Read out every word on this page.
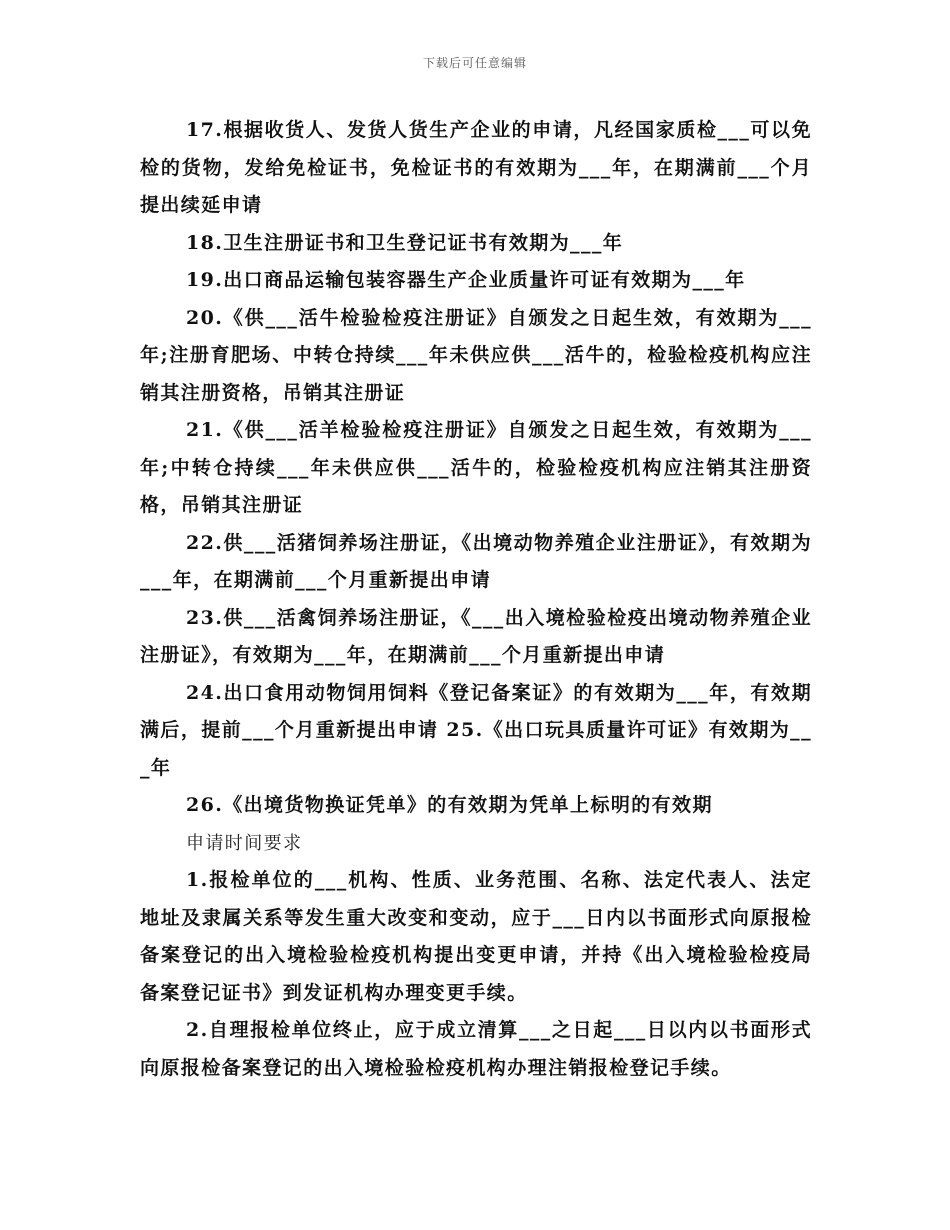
下载后可任意编辑

17.根据收货人、发货人货生产企业的申请，凡经国家质检___可以免检的货物，发给免检证书，免检证书的有效期为___年，在期满前___个月提出续延申请

18.卫生注册证书和卫生登记证书有效期为___年

19.出口商品运输包装容器生产企业质量许可证有效期为___年

20.《供___活牛检验检疫注册证》自颁发之日起生效，有效期为___年;注册育肥场、中转仓持续___年未供应供___活牛的，检验检疫机构应注销其注册资格，吊销其注册证

21.《供___活羊检验检疫注册证》自颁发之日起生效，有效期为___年;中转仓持续___年未供应供___活牛的，检验检疫机构应注销其注册资格，吊销其注册证

22.供___活猪饲养场注册证，《出境动物养殖企业注册证》，有效期为___年，在期满前___个月重新提出申请

23.供___活禽饲养场注册证，《___出入境检验检疫出境动物养殖企业注册证》，有效期为___年，在期满前___个月重新提出申请

24.出口食用动物饲用饲料《登记备案证》的有效期为___年，有效期满后，提前___个月重新提出申请 25.《出口玩具质量许可证》有效期为___年

26.《出境货物换证凭单》的有效期为凭单上标明的有效期

申请时间要求

1.报检单位的___机构、性质、业务范围、名称、法定代表人、法定地址及隶属关系等发生重大改变和变动，应于___日内以书面形式向原报检备案登记的出入境检验检疫机构提出变更申请，并持《出入境检验检疫局备案登记证书》到发证机构办理变更手续。

2.自理报检单位终止，应于成立清算___之日起___日以内以书面形式向原报检备案登记的出入境检验检疫机构办理注销报检登记手续。
